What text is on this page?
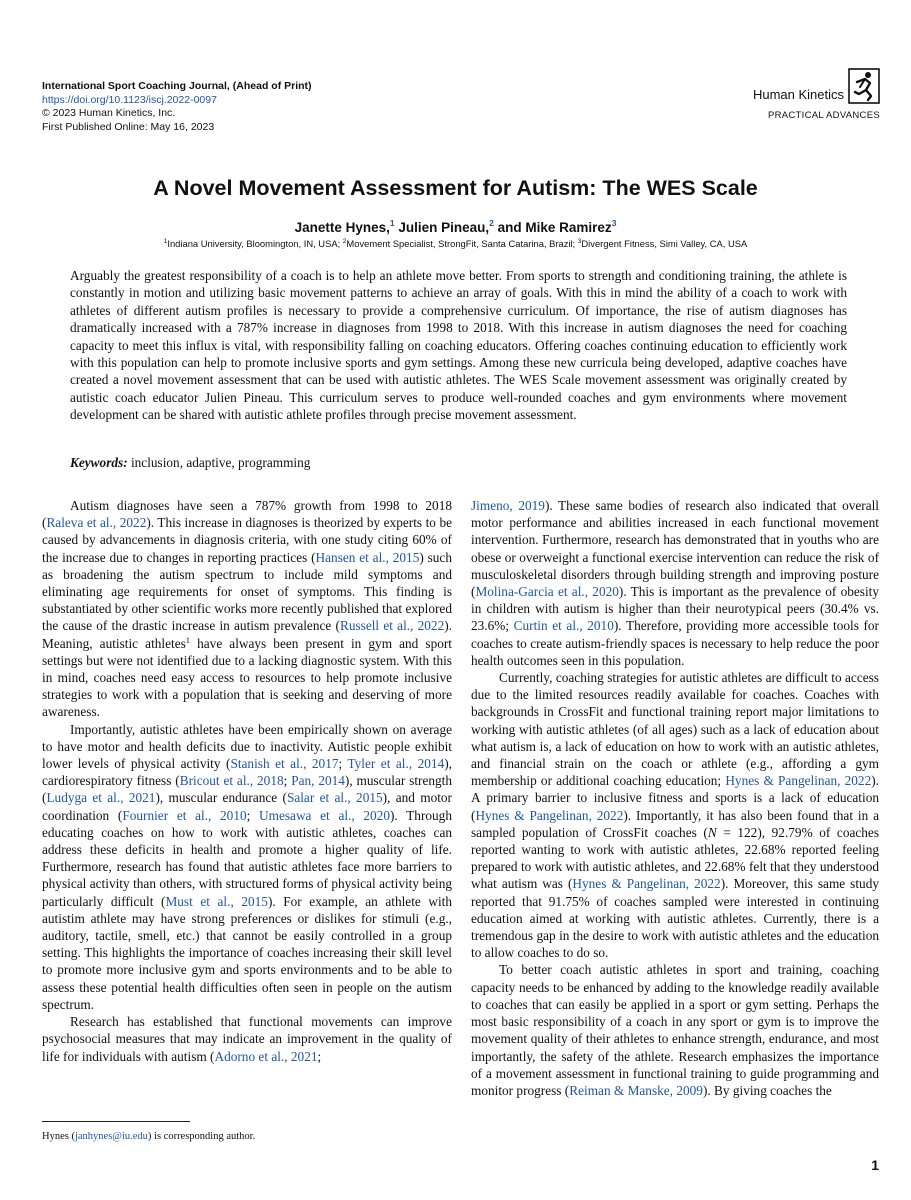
International Sport Coaching Journal, (Ahead of Print)
https://doi.org/10.1123/iscj.2022-0097
© 2023 Human Kinetics, Inc.
First Published Online: May 16, 2023
Human Kinetics
PRACTICAL ADVANCES
A Novel Movement Assessment for Autism: The WES Scale
Janette Hynes,$^1$ Julien Pineau,$^2$ and Mike Ramirez$^3$
$^1$Indiana University, Bloomington, IN, USA; $^2$Movement Specialist, StrongFit, Santa Catarina, Brazil; $^3$Divergent Fitness, Simi Valley, CA, USA
Arguably the greatest responsibility of a coach is to help an athlete move better. From sports to strength and conditioning training, the athlete is constantly in motion and utilizing basic movement patterns to achieve an array of goals. With this in mind the ability of a coach to work with athletes of different autism profiles is necessary to provide a comprehensive curriculum. Of importance, the rise of autism diagnoses has dramatically increased with a 787% increase in diagnoses from 1998 to 2018. With this increase in autism diagnoses the need for coaching capacity to meet this influx is vital, with responsibility falling on coaching educators. Offering coaches continuing education to efficiently work with this population can help to promote inclusive sports and gym settings. Among these new curricula being developed, adaptive coaches have created a novel movement assessment that can be used with autistic athletes. The WES Scale movement assessment was originally created by autistic coach educator Julien Pineau. This curriculum serves to produce well-rounded coaches and gym environments where movement development can be shared with autistic athlete profiles through precise movement assessment.
Keywords: inclusion, adaptive, programming

Autism diagnoses have seen a 787% growth from 1998 to 2018 (Raleva et al., 2022). This increase in diagnoses is theorized by experts to be caused by advancements in diagnosis criteria, with one study citing 60% of the increase due to changes in reporting practices (Hansen et al., 2015) such as broadening the autism spectrum to include mild symptoms and eliminating age requirements for onset of symptoms. This finding is substantiated by other scientific works more recently published that explored the cause of the drastic increase in autism prevalence (Russell et al., 2022). Meaning, autistic athletes$^1$ have always been present in gym and sport settings but were not identified due to a lacking diagnostic system. With this in mind, coaches need easy access to resources to help promote inclusive strategies to work with a population that is seeking and deserving of more awareness.

Importantly, autistic athletes have been empirically shown on average to have motor and health deficits due to inactivity. Autistic people exhibit lower levels of physical activity (Stanish et al., 2017; Tyler et al., 2014), cardiorespiratory fitness (Bricout et al., 2018; Pan, 2014), muscular strength (Ludyga et al., 2021), muscular endurance (Salar et al., 2015), and motor coordination (Fournier et al., 2010; Umesawa et al., 2020). Through educating coaches on how to work with autistic athletes, coaches can address these deficits in health and promote a higher quality of life. Furthermore, research has found that autistic athletes face more barriers to physical activity than others, with structured forms of physical activity being particularly difficult (Must et al., 2015). For example, an athlete with autistim athlete may have strong preferences or dislikes for stimuli (e.g., auditory, tactile, smell, etc.) that cannot be easily controlled in a group setting. This highlights the importance of coaches increasing their skill level to promote more inclusive gym and sports environments and to be able to assess these potential health difficulties often seen in people on the autism spectrum.

Research has established that functional movements can improve psychosocial measures that may indicate an improvement in the quality of life for individuals with autism (Adorno et al., 2021;

Jimeno, 2019). These same bodies of research also indicated that overall motor performance and abilities increased in each functional movement intervention. Furthermore, research has demonstrated that in youths who are obese or overweight a functional exercise intervention can reduce the risk of musculoskeletal disorders through building strength and improving posture (Molina-Garcia et al., 2020). This is important as the prevalence of obesity in children with autism is higher than their neurotypical peers (30.4% vs. 23.6%; Curtin et al., 2010). Therefore, providing more accessible tools for coaches to create autism-friendly spaces is necessary to help reduce the poor health outcomes seen in this population.

Currently, coaching strategies for autistic athletes are difficult to access due to the limited resources readily available for coaches. Coaches with backgrounds in CrossFit and functional training report major limitations to working with autistic athletes (of all ages) such as a lack of education about what autism is, a lack of education on how to work with an autistic athletes, and financial strain on the coach or athlete (e.g., affording a gym membership or additional coaching education; Hynes & Pangelinan, 2022). A primary barrier to inclusive fitness and sports is a lack of education (Hynes & Pangelinan, 2022). Importantly, it has also been found that in a sampled population of CrossFit coaches (N = 122), 92.79% of coaches reported wanting to work with autistic athletes, 22.68% reported feeling prepared to work with autistic athletes, and 22.68% felt that they understood what autism was (Hynes & Pangelinan, 2022). Moreover, this same study reported that 91.75% of coaches sampled were interested in continuing education aimed at working with autistic athletes. Currently, there is a tremendous gap in the desire to work with autistic athletes and the education to allow coaches to do so.

To better coach autistic athletes in sport and training, coaching capacity needs to be enhanced by adding to the knowledge readily available to coaches that can easily be applied in a sport or gym setting. Perhaps the most basic responsibility of a coach in any sport or gym is to improve the movement quality of their athletes to enhance strength, endurance, and most importantly, the safety of the athlete. Research emphasizes the importance of a movement assessment in functional training to guide programming and monitor progress (Reiman & Manske, 2009). By giving coaches the

Hynes (janhynes@iu.edu) is corresponding author.
1
